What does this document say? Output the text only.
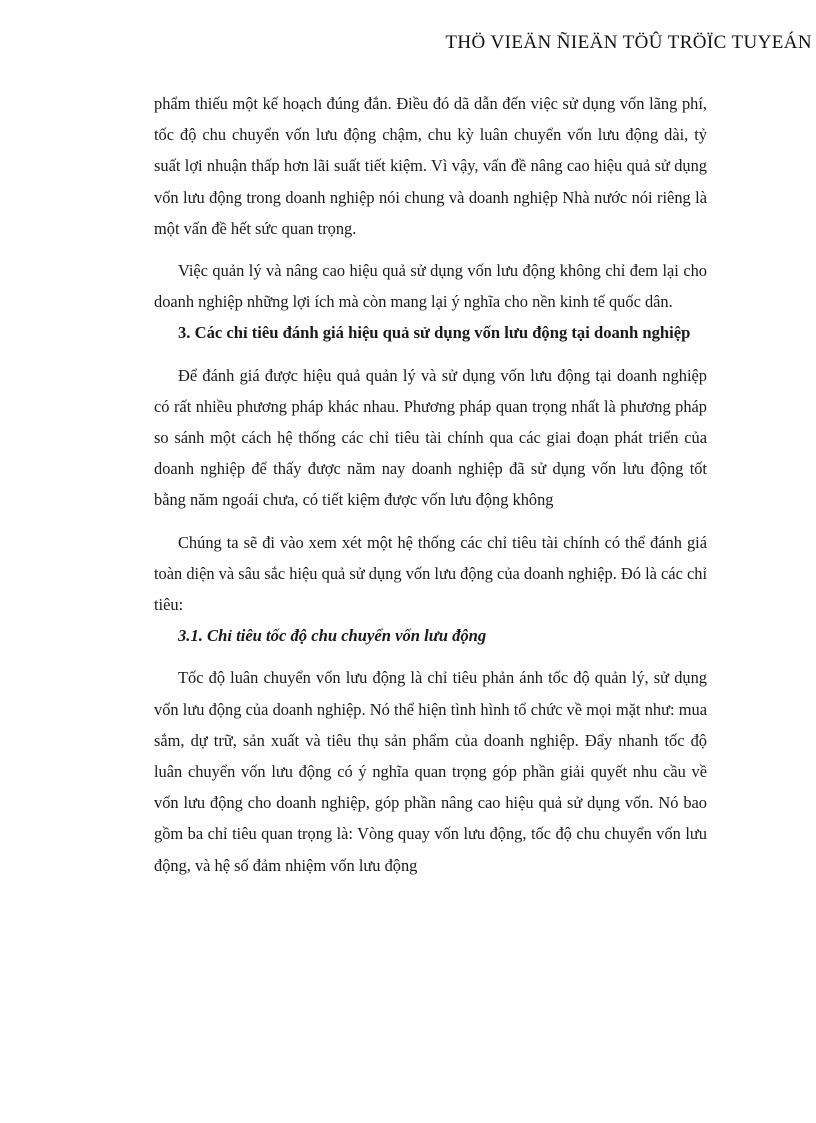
THÖ VIEÄN ÑIEÄN TÖÛ TRÖÏC TUYEÁN

phẩm thiếu một kế hoạch đúng đắn. Điều đó dã dẫn đến việc sử dụng vốn lãng phí, tốc độ chu chuyển vốn lưu động chậm, chu kỳ luân chuyển vốn lưu động dài, tỷ suất lợi nhuận thấp hơn lãi suất tiết kiệm. Vì vậy, vấn đề nâng cao hiệu quả sử dụng vốn lưu động trong doanh nghiệp nói chung và doanh nghiệp Nhà nước nói riêng là một vấn đề hết sức quan trọng.

Việc quản lý và nâng cao hiệu quả sử dụng vốn lưu động không chỉ đem lại cho doanh nghiệp những lợi ích mà còn mang lại ý nghĩa cho nền kinh tế quốc dân.

3. Các chỉ tiêu đánh giá hiệu quả sử dụng vốn lưu động tại doanh nghiệp

Để đánh giá được hiệu quả quản lý và sử dụng vốn lưu động tại doanh nghiệp có rất nhiều phương pháp khác nhau. Phương pháp quan trọng nhất là phương pháp so sánh một cách hệ thống các chỉ tiêu tài chính qua các giai đoạn phát triển của doanh nghiệp để thấy được năm nay doanh nghiệp đã sử dụng vốn lưu động tốt bằng năm ngoái chưa, có tiết kiệm được vốn lưu động không

Chúng ta sẽ đi vào xem xét một hệ thống các chỉ tiêu tài chính có thể đánh giá toàn diện và sâu sắc hiệu quả sử dụng vốn lưu động của doanh nghiệp. Đó là các chỉ tiêu:

3.1. Chỉ tiêu tốc độ chu chuyển vốn lưu động

Tốc độ luân chuyển vốn lưu động là chỉ tiêu phản ánh tốc độ quản lý, sử dụng vốn lưu động của doanh nghiệp. Nó thể hiện tình hình tổ chức về mọi mặt như: mua sắm, dự trữ, sản xuất và tiêu thụ sản phẩm của doanh nghiệp. Đẩy nhanh tốc độ luân chuyển vốn lưu động có ý nghĩa quan trọng góp phần giải quyết nhu cầu về vốn lưu động cho doanh nghiệp, góp phần nâng cao hiệu quả sử dụng vốn. Nó bao gồm ba chỉ tiêu quan trọng là: Vòng quay vốn lưu động, tốc độ chu chuyển vốn lưu động, và hệ số đảm nhiệm vốn lưu động
